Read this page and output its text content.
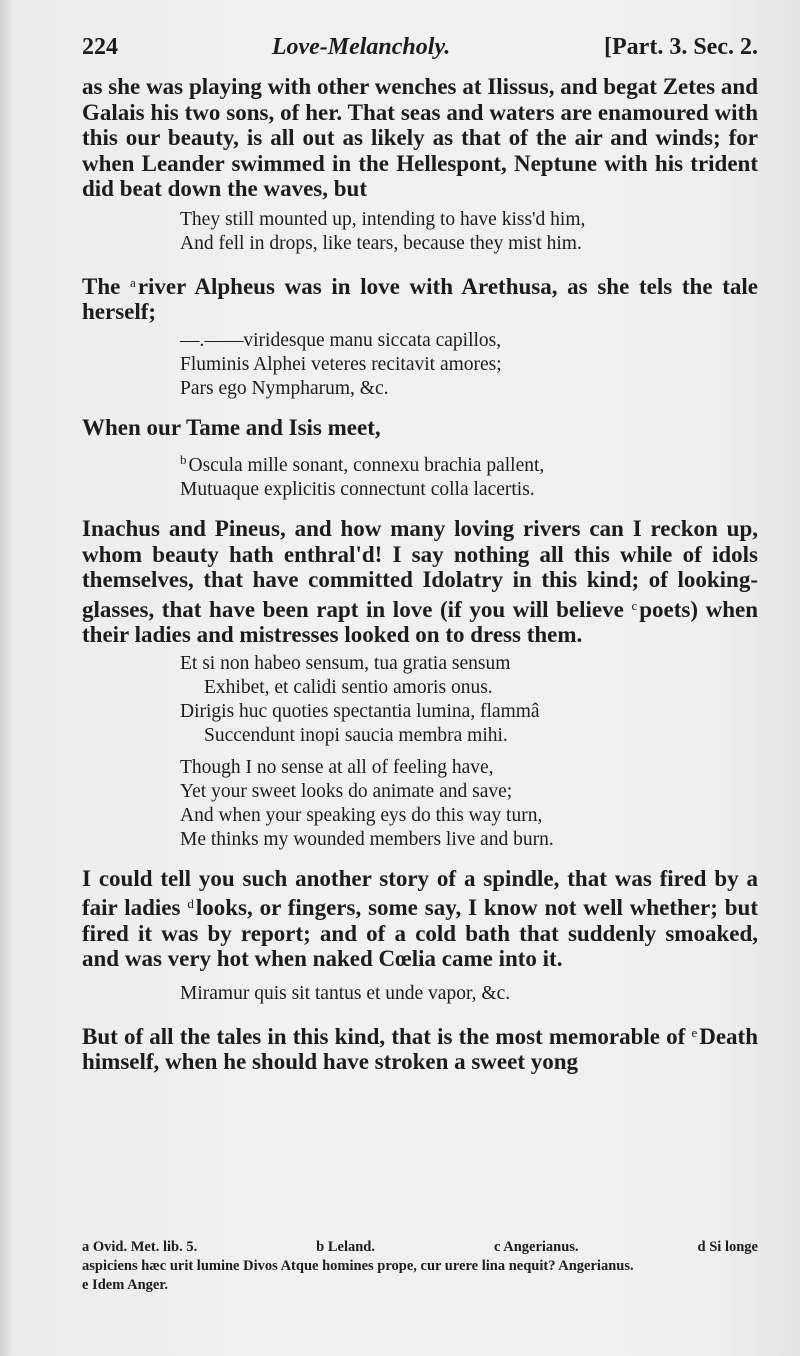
224	Love-Melancholy.	[Part. 3. Sec. 2.

as she was playing with other wenches at Ilissus, and begat Zetes and Galais his two sons, of her. That seas and waters are enamoured with this our beauty, is all out as likely as that of the air and winds; for when Leander swimmed in the Hellespont, Neptune with his trident did beat down the waves, but

They still mounted up, intending to have kiss'd him,
And fell in drops, like tears, because they mist him.

The $^a$river Alpheus was in love with Arethusa, as she tels the tale herself;

—.——viridesque manu siccata capillos,
Fluminis Alphei veteres recitavit amores;
Pars ego Nympharum, &c.

When our Tame and Isis meet,

$^b$ Oscula mille sonant, connexu brachia pallent,
Mutuaque explicitis connectunt colla lacertis.

Inachus and Pineus, and how many loving rivers can I reckon up, whom beauty hath enthral'd! I say nothing all this while of idols themselves, that have committed Idolatry in this kind; of looking-glasses, that have been rapt in love (if you will believe $^c$poets) when their ladies and mistresses looked on to dress them.

Et si non habeo sensum, tua gratia sensum
Exhibet, et calidi sentio amoris onus.
Dirigis huc quoties spectantia lumina, flammâ
Succendunt inopi saucia membra mihi.
Though I no sense at all of feeling have,
Yet your sweet looks do animate and save;
And when your speaking eys do this way turn,
Me thinks my wounded members live and burn.

I could tell you such another story of a spindle, that was fired by a fair ladies $^d$looks, or fingers, some say, I know not well whether; but fired it was by report; and of a cold bath that suddenly smoaked, and was very hot when naked Cœlia came into it.

Miramur quis sit tantus et unde vapor, &c.

But of all the tales in this kind, that is the most memorable of $^e$Death himself, when he should have stroken a sweet yong

a Ovid. Met. lib. 5.	b Leland.	c Angerianus.	d Si longe
aspiciens hæc urit lumine Divos Atque homines prope, cur urere lina nequit? Angerianus.
e Idem Anger.
